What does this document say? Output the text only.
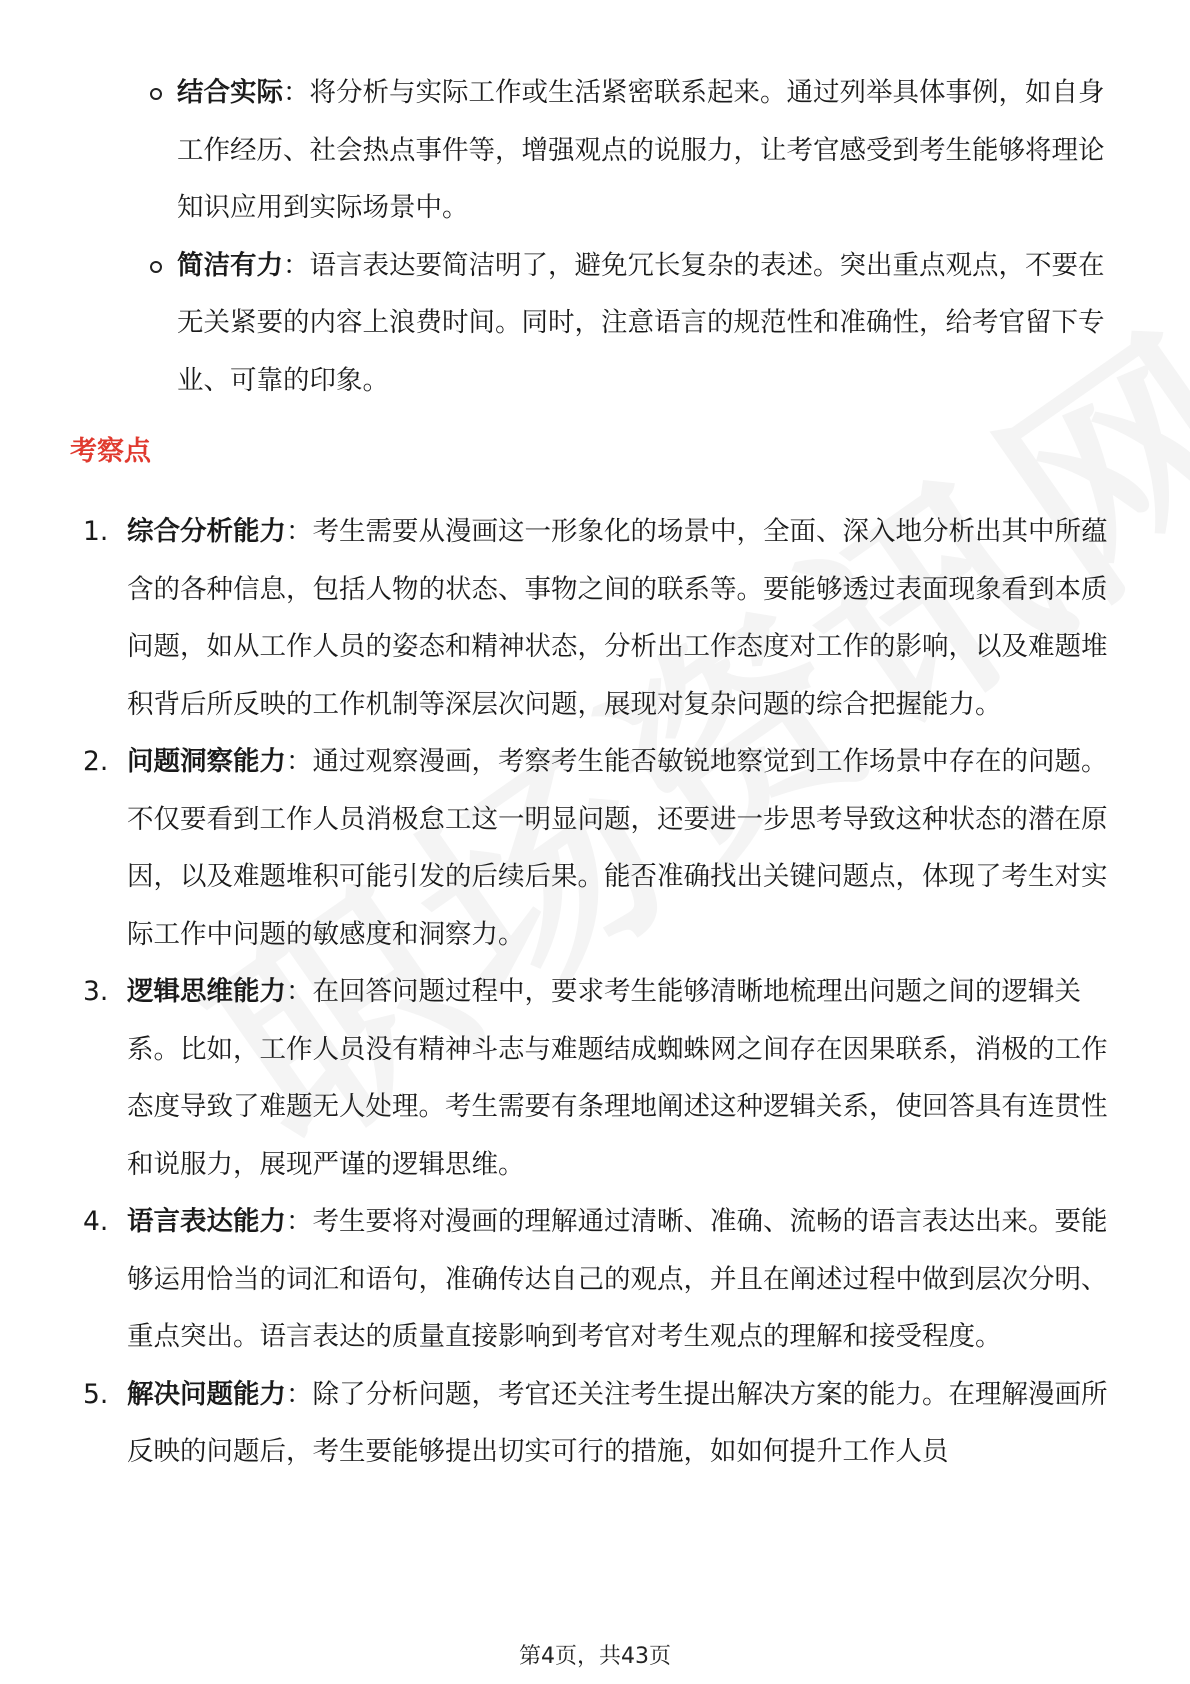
结合实际：将分析与实际工作或生活紧密联系起来。通过列举具体事例，如自身工作经历、社会热点事件等，增强观点的说服力，让考官感受到考生能够将理论知识应用到实际场景中。
简洁有力：语言表达要简洁明了，避免冗长复杂的表述。突出重点观点，不要在无关紧要的内容上浪费时间。同时，注意语言的规范性和准确性，给考官留下专业、可靠的印象。
考察点
1. 综合分析能力：考生需要从漫画这一形象化的场景中，全面、深入地分析出其中所蕴含的各种信息，包括人物的状态、事物之间的联系等。要能够透过表面现象看到本质问题，如从工作人员的姿态和精神状态，分析出工作态度对工作的影响，以及难题堆积背后所反映的工作机制等深层次问题，展现对复杂问题的综合把握能力。
2. 问题洞察能力：通过观察漫画，考察考生能否敏锐地察觉到工作场景中存在的问题。不仅要看到工作人员消极怠工这一明显问题，还要进一步思考导致这种状态的潜在原因，以及难题堆积可能引发的后续后果。能否准确找出关键问题点，体现了考生对实际工作中问题的敏感度和洞察力。
3. 逻辑思维能力：在回答问题过程中，要求考生能够清晰地梳理出问题之间的逻辑关系。比如，工作人员没有精神斗志与难题结成蜘蛛网之间存在因果联系，消极的工作态度导致了难题无人处理。考生需要有条理地阐述这种逻辑关系，使回答具有连贯性和说服力，展现严谨的逻辑思维。
4. 语言表达能力：考生要将对漫画的理解通过清晰、准确、流畅的语言表达出来。要能够运用恰当的词汇和语句，准确传达自己的观点，并且在阐述过程中做到层次分明、重点突出。语言表达的质量直接影响到考官对考生观点的理解和接受程度。
5. 解决问题能力：除了分析问题，考官还关注考生提出解决方案的能力。在理解漫画所反映的问题后，考生要能够提出切实可行的措施，如如何提升工作人员
第4页，共43页
